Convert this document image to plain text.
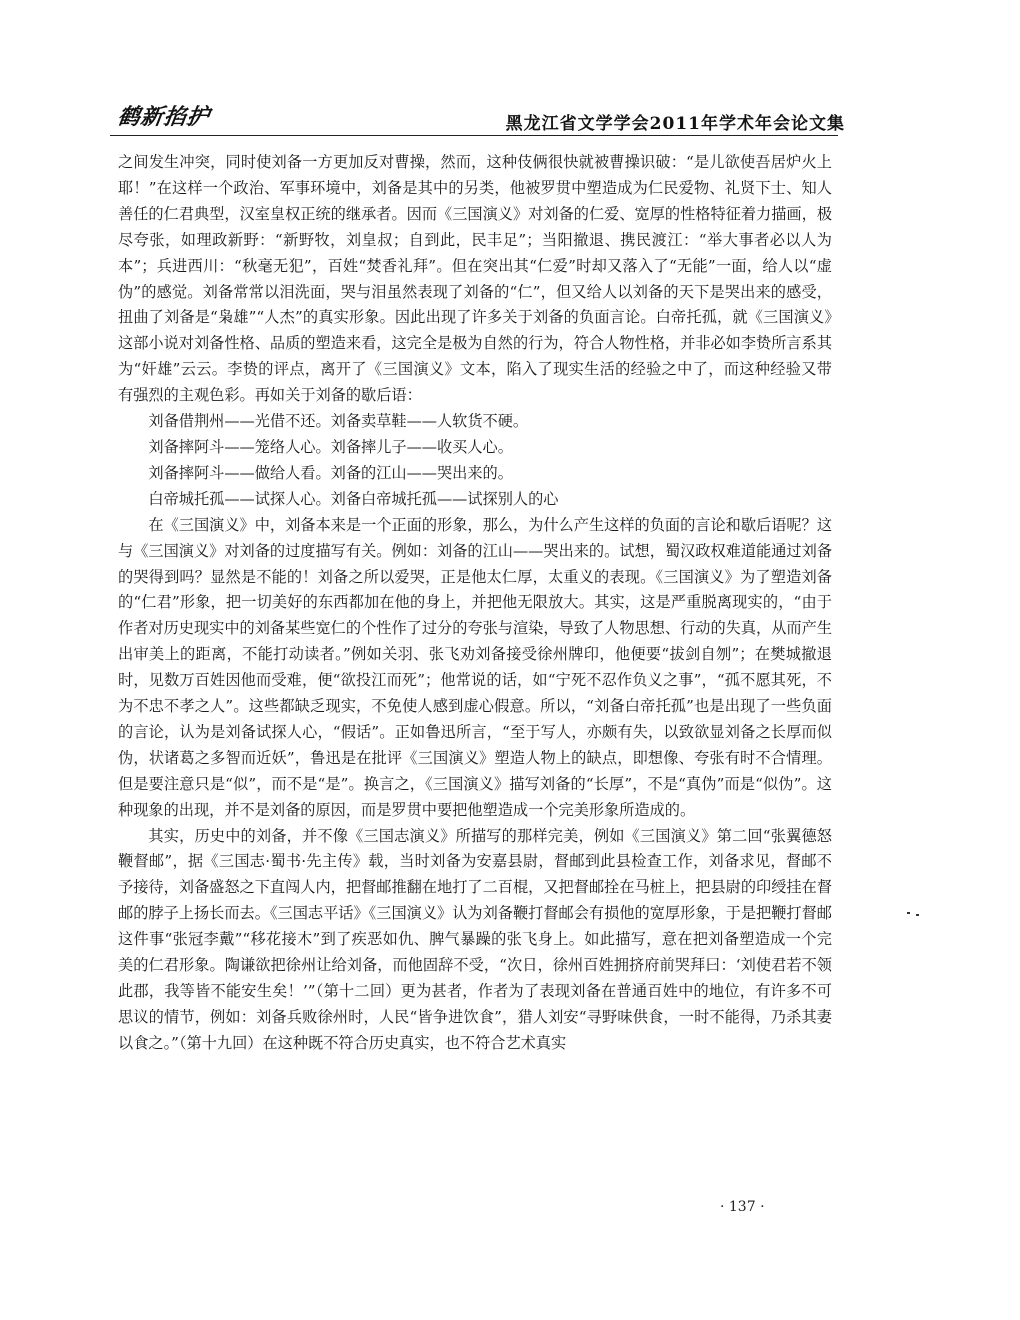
鹤新掐护	黑龙江省文学学会2011年学术年会论文集

之间发生冲突，同时使刘备一方更加反对曹操，然而，这种伎俩很快就被曹操识破：“是儿欲使吾居炉火上耶！”在这样一个政治、军事环境中，刘备是其中的另类，他被罗贯中塑造成为仁民爱物、礼贤下士、知人善任的仁君典型，汉室皇权正统的继承者。因而《三国演义》对刘备的仁爱、宽厚的性格特征着力描画，极尽夸张，如理政新野：“新野牧，刘皇叔；自到此，民丰足”；当阳撤退、携民渡江：“举大事者必以人为本”；兵进西川：“秋毫无犯”，百姓“焚香礼拜”。但在突出其“仁爱”时却又落入了“无能”一面，给人以“虚伪”的感觉。刘备常常以泪洗面，哭与泪虽然表现了刘备的“仁”，但又给人以刘备的天下是哭出来的感受，扭曲了刘备是“枭雄”“人杰”的真实形象。因此出现了许多关于刘备的负面言论。白帝托孤，就《三国演义》这部小说对刘备性格、品质的塑造来看，这完全是极为自然的行为，符合人物性格，并非必如李贽所言系其为“奸雄”云云。李贽的评点，离开了《三国演义》文本，陷入了现实生活的经验之中了，而这种经验又带有强烈的主观色彩。再如关于刘备的歇后语：

刘备借荆州——光借不还。刘备卖草鞋——人软货不硬。

刘备摔阿斗——笼络人心。刘备摔儿子——收买人心。

刘备摔阿斗——做给人看。刘备的江山——哭出来的。

白帝城托孤——试探人心。刘备白帝城托孤——试探别人的心

在《三国演义》中，刘备本来是一个正面的形象，那么，为什么产生这样的负面的言论和歇后语呢？这与《三国演义》对刘备的过度描写有关。例如：刘备的江山——哭出来的。试想，蜀汉政权难道能通过刘备的哭得到吗？显然是不能的！刘备之所以爱哭，正是他太仁厚，太重义的表现。《三国演义》为了塑造刘备的“仁君”形象，把一切美好的东西都加在他的身上，并把他无限放大。其实，这是严重脱离现实的，“由于作者对历史现实中的刘备某些宽仁的个性作了过分的夸张与渲染，导致了人物思想、行动的失真，从而产生出审美上的距离，不能打动读者。”例如关羽、张飞劝刘备接受徐州牌印，他便要“拔剑自刎”；在樊城撤退时，见数万百姓因他而受难，便“欲投江而死”；他常说的话，如“宁死不忍作负义之事”，“孤不愿其死，不为不忠不孝之人”。这些都缺乏现实，不免使人感到虚心假意。所以，“刘备白帝托孤”也是出现了一些负面的言论，认为是刘备试探人心，“假话”。正如鲁迅所言，“至于写人，亦颇有失，以致欲显刘备之长厚而似伪，状诸葛之多智而近妖”，鲁迅是在批评《三国演义》塑造人物上的缺点，即想像、夸张有时不合情理。但是要注意只是“似”，而不是“是”。换言之，《三国演义》描写刘备的“长厚”，不是“真伪”而是“似伪”。这种现象的出现，并不是刘备的原因，而是罗贯中要把他塑造成一个完美形象所造成的。

其实，历史中的刘备，并不像《三国志演义》所描写的那样完美，例如《三国演义》第二回“张翼德怒鞭督邮”，据《三国志·蜀书·先主传》载，当时刘备为安嘉县尉，督邮到此县检查工作，刘备求见，督邮不予接待，刘备盛怒之下直闯人内，把督邮推翻在地打了二百棍，又把督邮拴在马桩上，把县尉的印绶挂在督邮的脖子上扬长而去。《三国志平话》《三国演义》认为刘备鞭打督邮会有损他的宽厚形象，于是把鞭打督邮这件事“张冠李戴”“移花接木”到了疾恶如仇、脾气暴躁的张飞身上。如此描写，意在把刘备塑造成一个完美的仁君形象。陶谦欲把徐州让给刘备，而他固辞不受，“次日，徐州百姓拥挤府前哭拜曰：‘刘使君若不领此郡，我等皆不能安生矣！’”（第十二回）更为甚者，作者为了表现刘备在普通百姓中的地位，有许多不可思议的情节，例如：刘备兵败徐州时，人民“皆争进饮食”，猎人刘安“寻野味供食，一时不能得，乃杀其妻以食之。”（第十九回）在这种既不符合历史真实，也不符合艺术真实

· 137 ·
